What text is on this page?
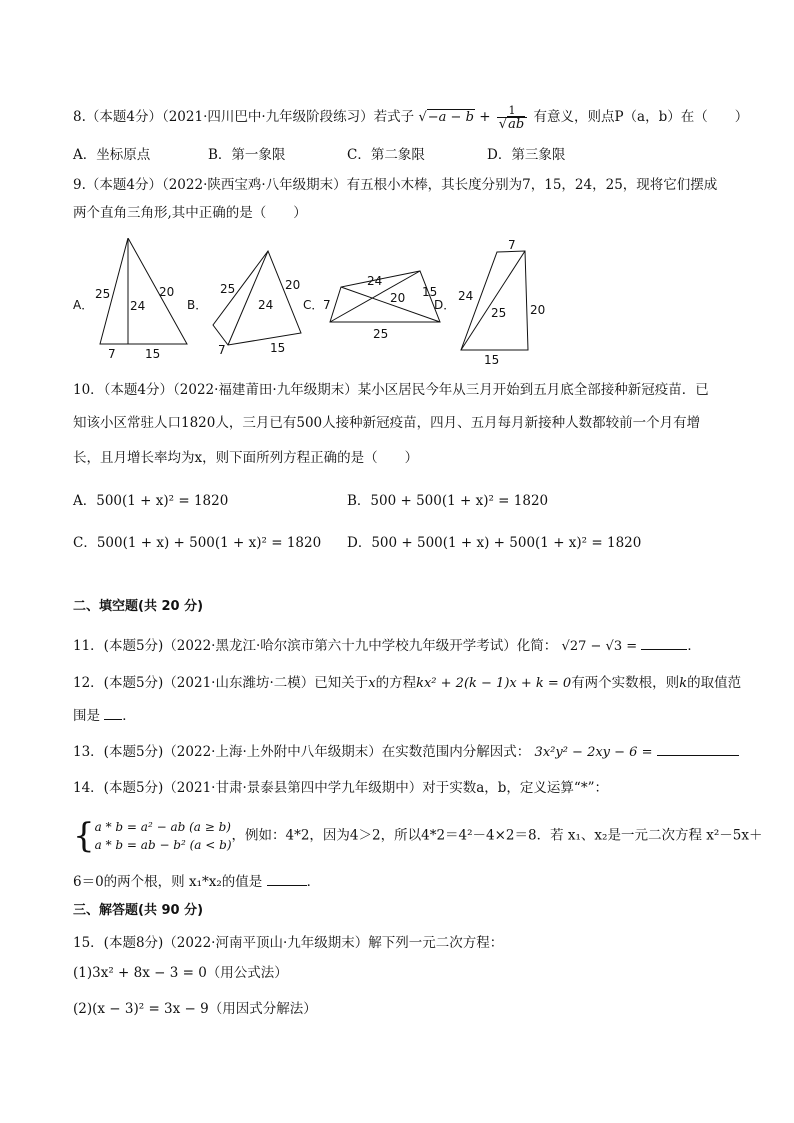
8.（本题4分）（2021·四川巴中·九年级阶段练习）若式子 $√-a - b + \frac{1}{√ab}$ 有意义，则点P（a，b）在（　　）
A．坐标原点	B．第一象限	C．第二象限	D．第三象限
9.（本题4分）（2022·陕西宝鸡·八年级期末）有五根小木棒，其长度分别为7，15，24，25，现将它们摆成
两个直角三角形,其中正确的是（　　）
A．
25
24
20
7 15
B．
25	20
24
7	15
C． 7
24
20 15
25
D．
7
24
25 20
15
10．（本题4分）（2022·福建莆田·九年级期末）某小区居民今年从三月开始到五月底全部接种新冠疫苗．已
知该小区常驻人口1820人，三月已有500人接种新冠疫苗，四月、五月每月新接种人数都较前一个月有增
长，且月增长率均为x，则下面所列方程正确的是（　　）
A．500(1 + x)² = 1820	B．500 + 500(1 + x)² = 1820
C．500(1 + x) + 500(1 + x)² = 1820 D．500 + 500(1 + x) + 500(1 + x)² = 1820
二、填空题(共 20 分)
11．(本题5分)（2022·黑龙江·哈尔滨市第六十九中学校九年级开学考试）化简： √27 − √3 =	．
12．(本题5分)（2021·山东潍坊·二模）已知关于x的方程kx² + 2(k − 1)x + k = 0有两个实数根，则k的取值范
围是 ．
13．(本题5分)（2022·上海·上外附中八年级期末）在实数范围内分解因式： 3x²y² − 2xy − 6 =
14．(本题5分)（2021·甘肃·景泰县第四中学九年级期中）对于实数a，b，定义运算“*”：
{ a * b = a² − ab (a ≥ b)
a * b = ab − b² (a < b)
，例如：4*2，因为4＞2，所以4*2＝4²－4×2＝8．若 x₁、x₂是一元二次方程 x²－5x＋
6＝0的两个根，则 x₁*x₂的值是	．
三、解答题(共 90 分)
15．(本题8分)（2022·河南平顶山·九年级期末）解下列一元二次方程：
(1)3x² + 8x − 3 = 0（用公式法）
(2)(x − 3)² = 3x − 9（用因式分解法）
